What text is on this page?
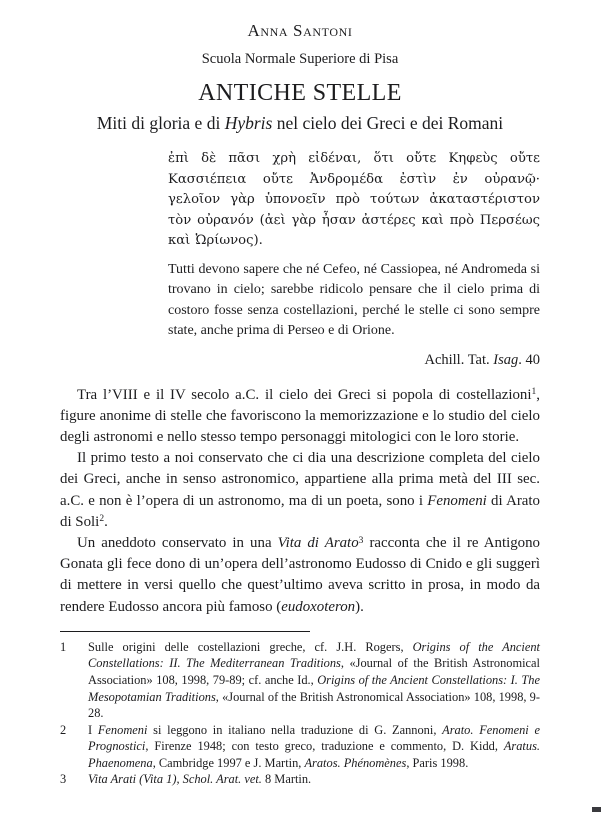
Anna Santoni
Scuola Normale Superiore di Pisa
ANTICHE STELLE
Miti di gloria e di Hybris nel cielo dei Greci e dei Romani

ἐπὶ δὲ πᾶσι χρὴ εἰδέναι, ὅτι οὔτε Κηφεὺς οὔτε Κασσιέπεια οὔτε Ἀνδρομέδα ἐστὶν ἐν οὐρανῷ· γελοῖον γὰρ ὑπονοεῖν πρὸ τούτων ἀκαταστέριστον τὸν οὐρανόν (ἀεὶ γὰρ ἦσαν ἀστέρες καὶ πρὸ Περσέως καὶ Ὠρίωνος).

Tutti devono sapere che né Cefeo, né Cassiopea, né Andromeda si trovano in cielo; sarebbe ridicolo pensare che il cielo prima di costoro fosse senza costellazioni, perché le stelle ci sono sempre state, anche prima di Perseo e di Orione.

Achill. Tat. Isag. 40

Tra l’VIII e il IV secolo a.C. il cielo dei Greci si popola di costellazioni$^1$, figure anonime di stelle che favoriscono la memorizzazione e lo studio del cielo degli astronomi e nello stesso tempo personaggi mitologici con le loro storie.

Il primo testo a noi conservato che ci dia una descrizione completa del cielo dei Greci, anche in senso astronomico, appartiene alla prima metà del III sec. a.C. e non è l’opera di un astronomo, ma di un poeta, sono i Fenomeni di Arato di Soli$^2$.

Un aneddoto conservato in una Vita di Arato$^3$ racconta che il re Antigono Gonata gli fece dono di un’opera dell’astronomo Eudosso di Cnido e gli suggerì di mettere in versi quello che quest’ultimo aveva scritto in prosa, in modo da rendere Eudosso ancora più famoso (eudoxoteron).

1 Sulle origini delle costellazioni greche, cf. J.H. Rogers, Origins of the Ancient Constellations: II. The Mediterranean Traditions, «Journal of the British Astronomical Association» 108, 1998, 79-89; cf. anche Id., Origins of the Ancient Constellations: I. The Mesopotamian Traditions, «Journal of the British Astronomical Association» 108, 1998, 9-28.
2 I Fenomeni si leggono in italiano nella traduzione di G. Zannoni, Arato. Fenomeni e Prognostici, Firenze 1948; con testo greco, traduzione e commento, D. Kidd, Aratus. Phaenomena, Cambridge 1997 e J. Martin, Aratos. Phénomènes, Paris 1998.
3 Vita Arati (Vita 1), Schol. Arat. vet. 8 Martin.
